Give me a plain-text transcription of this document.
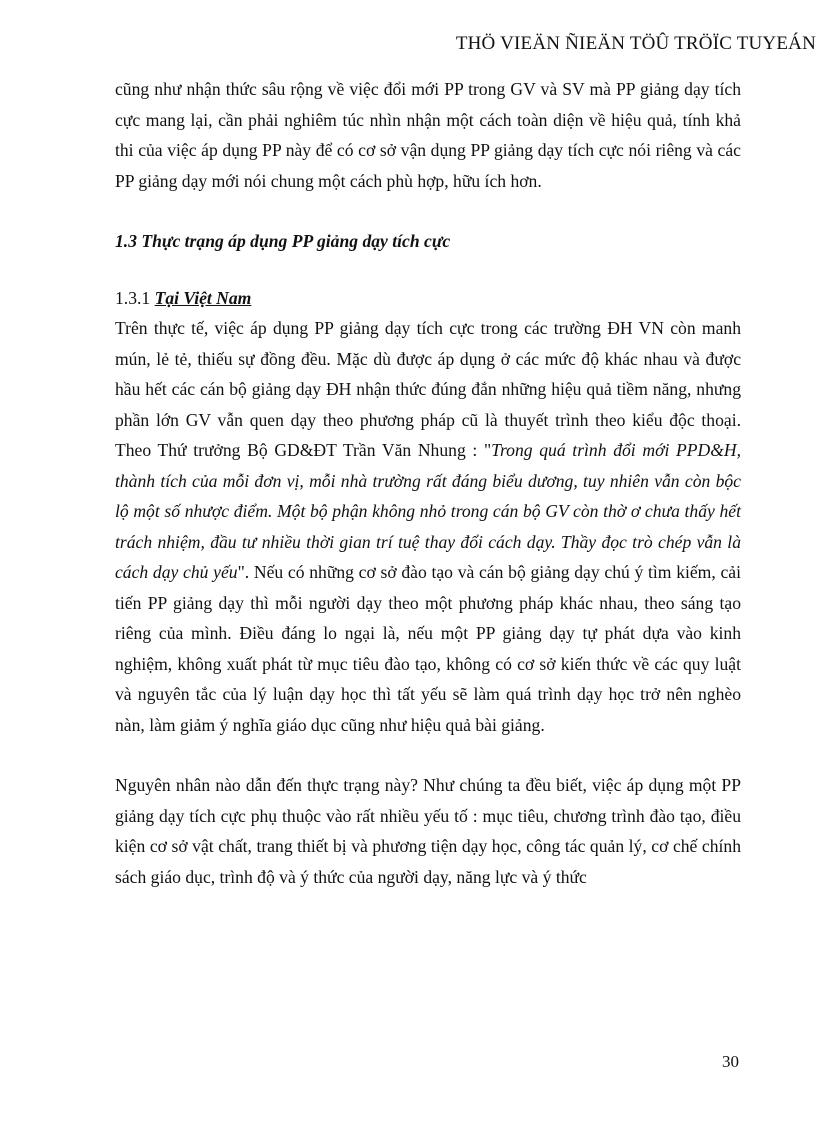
THÖ VIEÄN ÑIEÄN TÖÛ TRÖÏC TUYEÁN

cũng như nhận thức sâu rộng về việc đổi mới PP trong GV và SV mà PP giảng dạy tích cực mang lại, cần phải nghiêm túc nhìn nhận một cách toàn diện về hiệu quả, tính khả thi của việc áp dụng PP này để có cơ sở vận dụng PP giảng dạy tích cực nói riêng và các PP giảng dạy mới nói chung một cách phù hợp, hữu ích hơn.

1.3 Thực trạng áp dụng PP giảng dạy tích cực

1.3.1 Tại Việt Nam

Trên thực tế, việc áp dụng PP giảng dạy tích cực trong các trường ĐH VN còn manh mún, lẻ tẻ, thiếu sự đồng đều. Mặc dù được áp dụng ở các mức độ khác nhau và được hầu hết các cán bộ giảng dạy ĐH nhận thức đúng đắn những hiệu quả tiềm năng, nhưng phần lớn GV vẫn quen dạy theo phương pháp cũ là thuyết trình theo kiểu độc thoại. Theo Thứ trưởng Bộ GD&ĐT Trần Văn Nhung : "Trong quá trình đổi mới PPD&H, thành tích của mỗi đơn vị, mỗi nhà trường rất đáng biểu dương, tuy nhiên vẫn còn bộc lộ một số nhược điểm. Một bộ phận không nhỏ trong cán bộ GV còn thờ ơ chưa thấy hết trách nhiệm, đầu tư nhiều thời gian trí tuệ thay đổi cách dạy. Thầy đọc trò chép vẫn là cách dạy chủ yếu". Nếu có những cơ sở đào tạo và cán bộ giảng dạy chú ý tìm kiếm, cải tiến PP giảng dạy thì mỗi người dạy theo một phương pháp khác nhau, theo sáng tạo riêng của mình. Điều đáng lo ngại là, nếu một PP giảng dạy tự phát dựa vào kinh nghiệm, không xuất phát từ mục tiêu đào tạo, không có cơ sở kiến thức về các quy luật và nguyên tắc của lý luận dạy học thì tất yếu sẽ làm quá trình dạy học trở nên nghèo nàn, làm giảm ý nghĩa giáo dục cũng như hiệu quả bài giảng.

Nguyên nhân nào dẫn đến thực trạng này? Như chúng ta đều biết, việc áp dụng một PP giảng dạy tích cực phụ thuộc vào rất nhiều yếu tố : mục tiêu, chương trình đào tạo, điều kiện cơ sở vật chất, trang thiết bị và phương tiện dạy học, công tác quản lý, cơ chế chính sách giáo dục, trình độ và ý thức của người dạy, năng lực và ý thức

30
